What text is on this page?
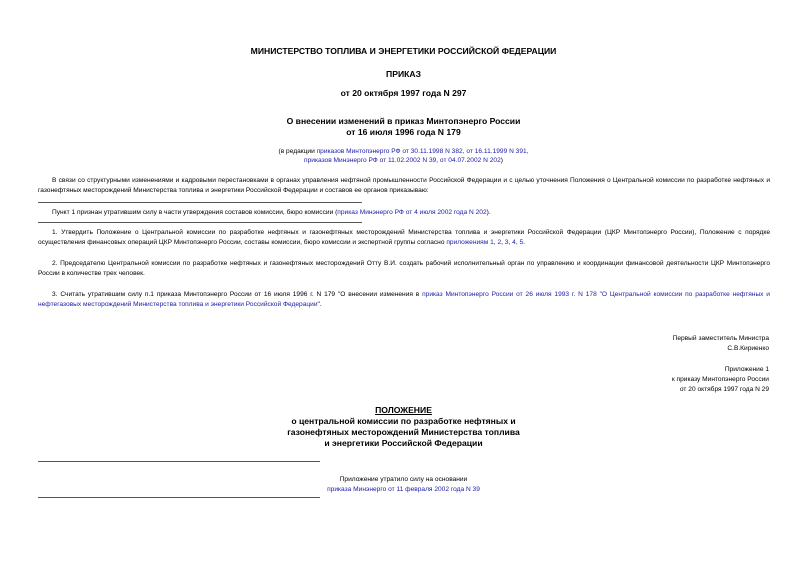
МИНИСТЕРСТВО ТОПЛИВА И ЭНЕРГЕТИКИ РОССИЙСКОЙ ФЕДЕРАЦИИ
ПРИКАЗ
от 20 октября 1997 года N 297
О внесении изменений в приказ Минтопэнерго России
от 16 июля 1996 года N 179
(в редакции приказов Минтопэнерго РФ от 30.11.1998 N 382, от 16.11.1999 N 391,
приказов Минэнерго РФ от 11.02.2002 N 39, от 04.07.2002 N 202)
В связи со структурными изменениями и кадровыми перестановками в органах управления нефтяной промышленности Российской Федерации и с целью уточнения Положения о Центральной комиссии по разработке нефтяных и газонефтяных месторождений Министерства топлива и энергетики Российской Федерации и составов ее органов приказываю:
Пункт 1 признан утратившим силу в части утверждения составов комиссии, бюро комиссии (приказ Минэнерго РФ от 4 июля 2002 года N 202).
1. Утвердить Положение о Центральной комиссии по разработке нефтяных и газонефтяных месторождений Министерства топлива и энергетики Российской Федерации (ЦКР Минтопэнерго России), Положение с порядке осуществления финансовых операций ЦКР Минтопэнерго России, составы комиссии, бюро комиссии и экспертной группы согласно приложениям 1, 2, 3, 4, 5.
2. Председателю Центральной комиссии по разработке нефтяных и газонефтяных месторождений Отту В.И. создать рабочий исполнительный орган по управлению и координации финансовой деятельности ЦКР Минтопэнерго России в количестве трех человек.
3. Считать утратившим силу п.1 приказа Минтопэнерго России от 16 июля 1996 г. N 179 "О внесении изменения в приказ Минтопэнерго России от 26 июля 1993 г. N 178 "О Центральной комиссии по разработке нефтяных и нефтегазовых месторождений Министерства топлива и энергетики Российской Федерации".
Первый заместитель Министра
С.В.Кириенко
Приложение 1
к приказу Минтопэнерго России
от 20 октября 1997 года N 29
ПОЛОЖЕНИЕ
о центральной комиссии по разработке нефтяных и
газонефтяных месторождений Министерства топлива
и энергетики Российской Федерации
Приложение утратило силу на основании
приказа Минэнерго от 11 февраля 2002 года N 39
